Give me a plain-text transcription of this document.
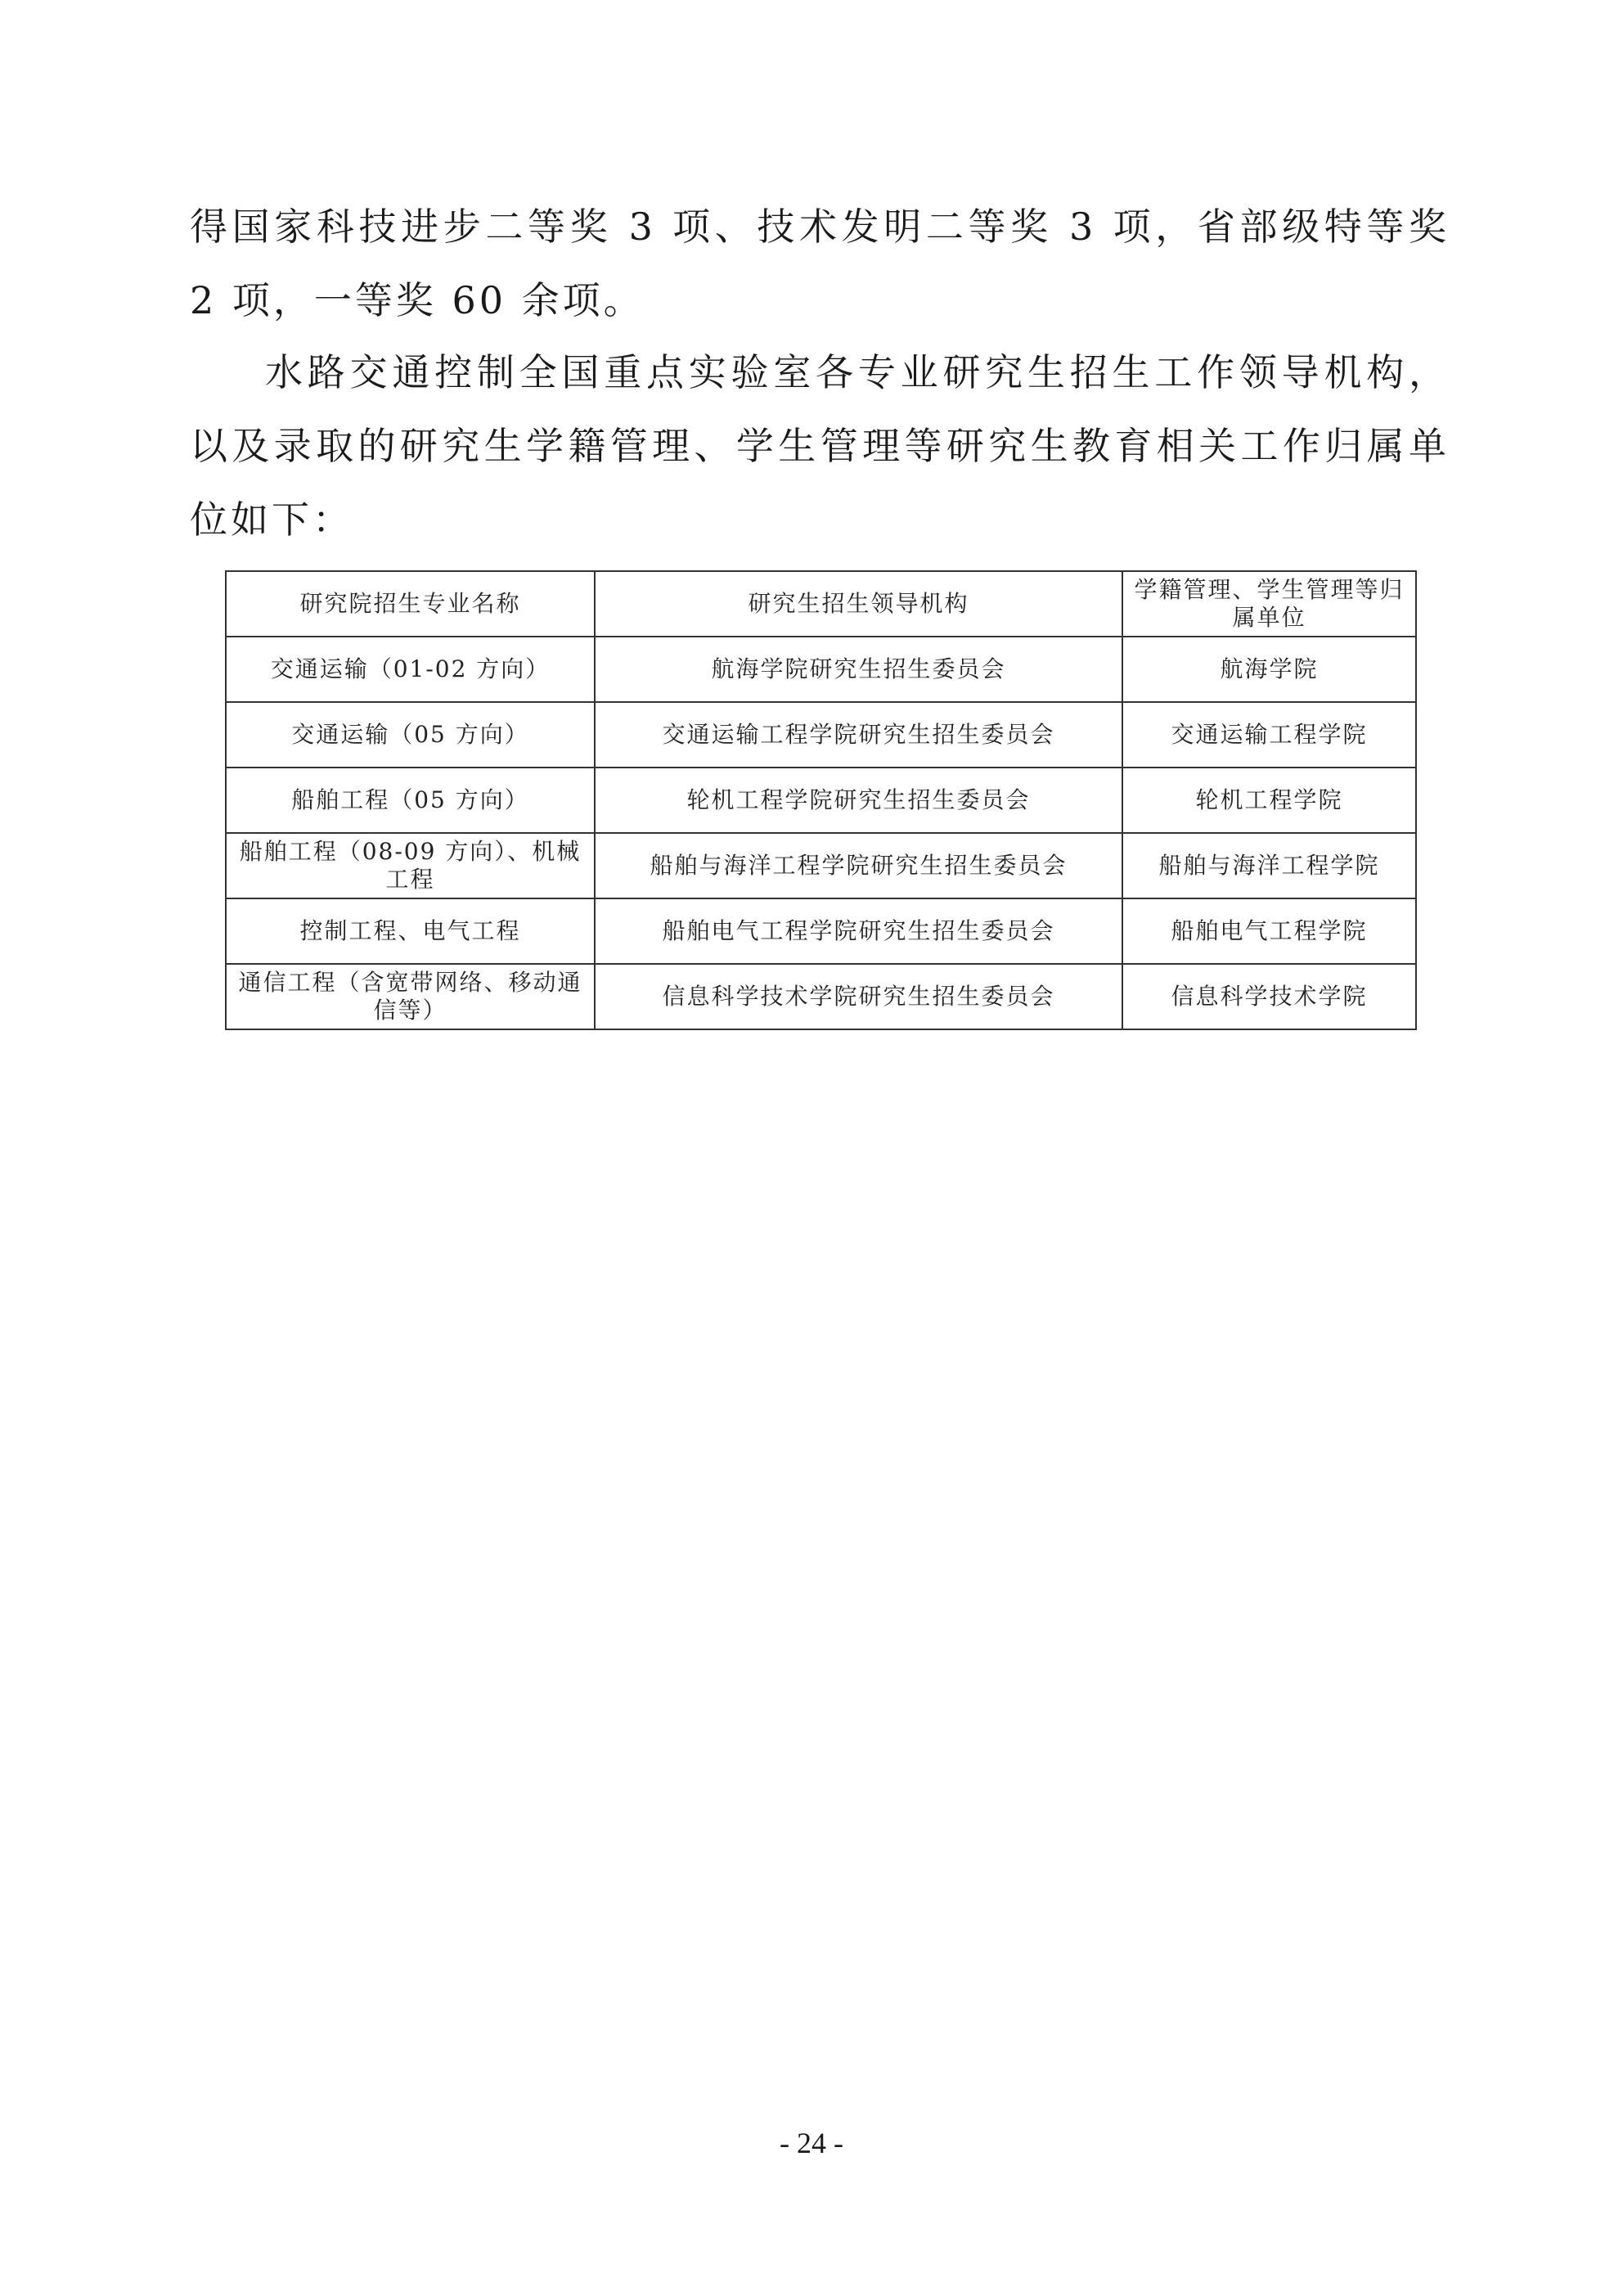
得国家科技进步二等奖 3 项、技术发明二等奖 3 项，省部级特等奖 2 项，一等奖 60 余项。

水路交通控制全国重点实验室各专业研究生招生工作领导机构，以及录取的研究生学籍管理、学生管理等研究生教育相关工作归属单位如下：

研究院招生专业名称	研究生招生领导机构	学籍管理、学生管理等归属单位
交通运输（01-02 方向）	航海学院研究生招生委员会	航海学院
交通运输（05 方向）	交通运输工程学院研究生招生委员会	交通运输工程学院
船舶工程（05 方向）	轮机工程学院研究生招生委员会	轮机工程学院
船舶工程（08-09 方向）、机械工程	船舶与海洋工程学院研究生招生委员会	船舶与海洋工程学院
控制工程、电气工程	船舶电气工程学院研究生招生委员会	船舶电气工程学院
通信工程（含宽带网络、移动通信等）	信息科学技术学院研究生招生委员会	信息科学技术学院
- 24 -
